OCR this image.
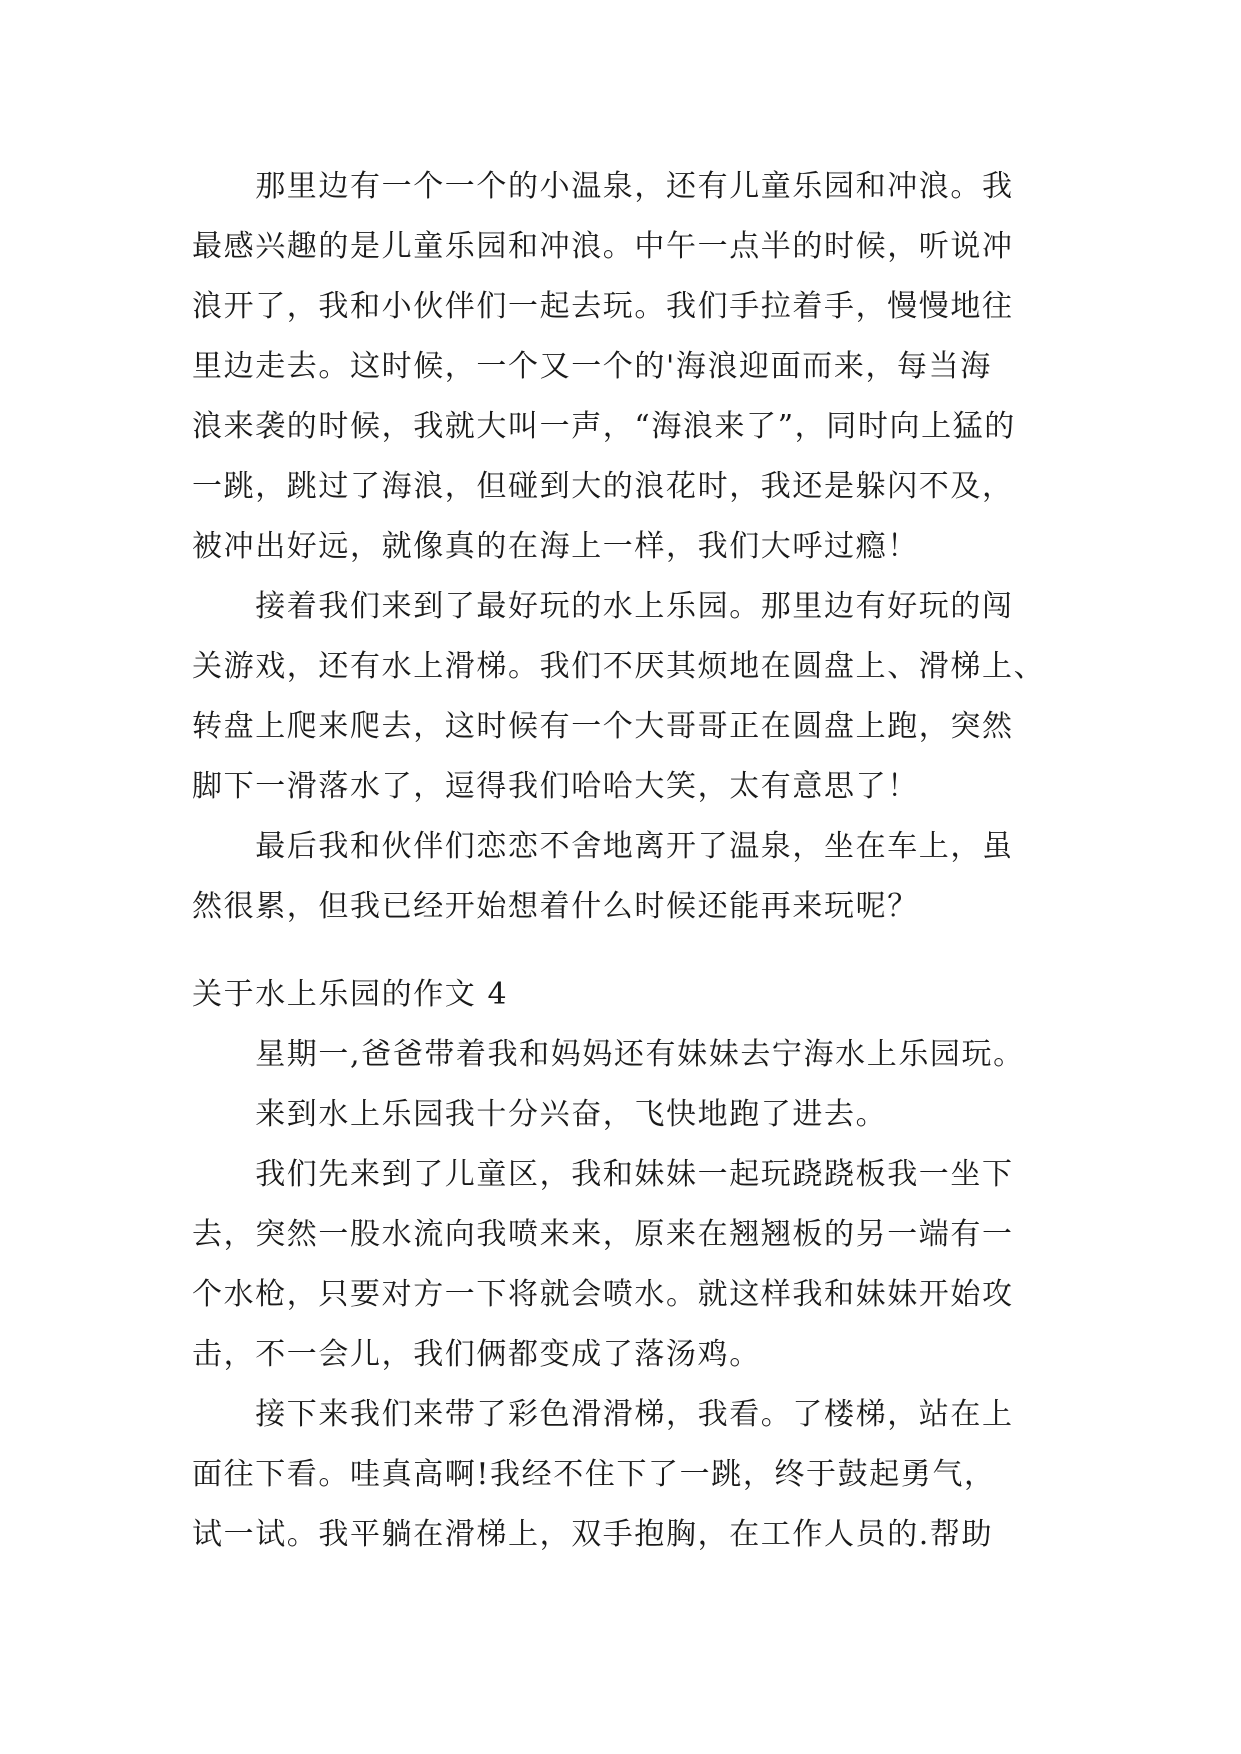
　　那里边有一个一个的小温泉，还有儿童乐园和冲浪。我
最感兴趣的是儿童乐园和冲浪。中午一点半的时候，听说冲
浪开了，我和小伙伴们一起去玩。我们手拉着手，慢慢地往
里边走去。这时候，一个又一个的'海浪迎面而来，每当海
浪来袭的时候，我就大叫一声，“海浪来了”，同时向上猛的
一跳，跳过了海浪，但碰到大的浪花时，我还是躲闪不及，
被冲出好远，就像真的在海上一样，我们大呼过瘾！
　　接着我们来到了最好玩的水上乐园。那里边有好玩的闯
关游戏，还有水上滑梯。我们不厌其烦地在圆盘上、滑梯上、
转盘上爬来爬去，这时候有一个大哥哥正在圆盘上跑，突然
脚下一滑落水了，逗得我们哈哈大笑，太有意思了！
　　最后我和伙伴们恋恋不舍地离开了温泉，坐在车上，虽
然很累，但我已经开始想着什么时候还能再来玩呢？
关于水上乐园的作文 4
　　星期一,爸爸带着我和妈妈还有妹妹去宁海水上乐园玩。
　　来到水上乐园我十分兴奋，飞快地跑了进去。
　　我们先来到了儿童区，我和妹妹一起玩跷跷板我一坐下
去，突然一股水流向我喷来来，原来在翘翘板的另一端有一
个水枪，只要对方一下将就会喷水。就这样我和妹妹开始攻
击，不一会儿，我们俩都变成了落汤鸡。
　　接下来我们来带了彩色滑滑梯，我看。了楼梯，站在上
面往下看。哇真高啊!我经不住下了一跳，终于鼓起勇气，
试一试。我平躺在滑梯上，双手抱胸，在工作人员的.帮助
